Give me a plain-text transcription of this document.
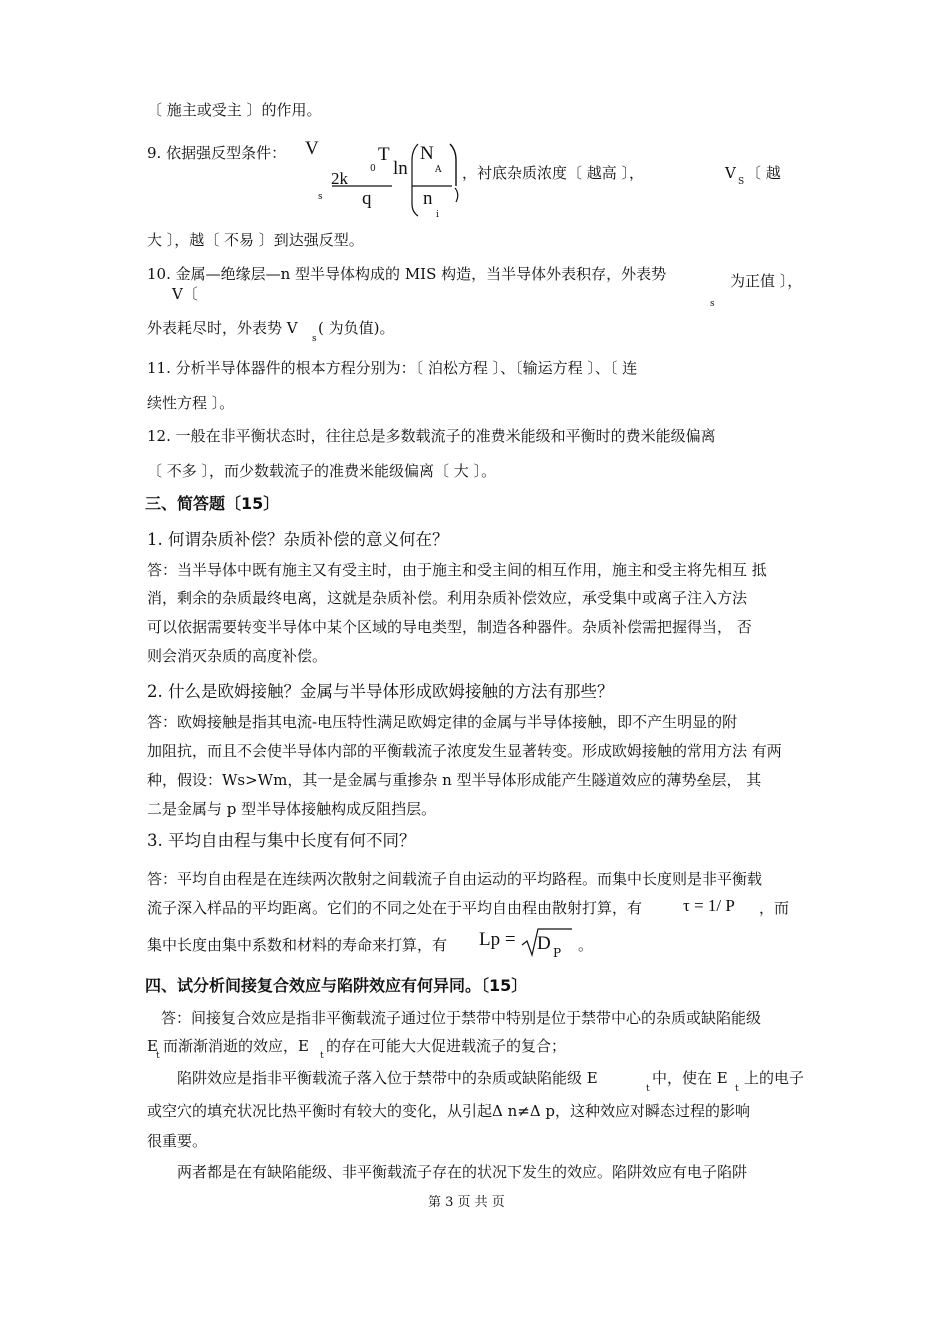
〔 施主或受主 〕的作用。
9. 依据强反型条件： V
s
2k
T
0
q
ln
N
A
n
i
，衬底杂质浓度〔 越高 〕，	V S 〔 越
大 〕，越〔 不易 〕到达强反型。
10. 金属—绝缘层—n 型半导体构成的 MIS 构造，当半导体外表积存，外表势
V〔
为正值 〕，
s
外表耗尽时，外表势 V
s
( 为负值)。
11. 分析半导体器件的根本方程分别为：〔 泊松方程 〕、〔输运方程 〕、〔 连
续性方程 〕。
12. 一般在非平衡状态时，往往总是多数载流子的准费米能级和平衡时的费米能级偏离
〔 不多 〕，而少数载流子的准费米能级偏离〔 大 〕。
三、简答题〔15〕
1. 何谓杂质补偿？杂质补偿的意义何在？
答：当半导体中既有施主又有受主时，由于施主和受主间的相互作用，施主和受主将先相互 抵
消，剩余的杂质最终电离，这就是杂质补偿。利用杂质补偿效应，承受集中或离子注入方法
可以依据需要转变半导体中某个区域的导电类型，制造各种器件。杂质补偿需把握得当， 否
则会消灭杂质的高度补偿。
2. 什么是欧姆接触？金属与半导体形成欧姆接触的方法有那些？
答：欧姆接触是指其电流-电压特性满足欧姆定律的金属与半导体接触，即不产生明显的附
加阻抗，而且不会使半导体内部的平衡载流子浓度发生显著转变。形成欧姆接触的常用方法 有两
种，假设：Ws>Wm，其一是金属与重掺杂 n 型半导体形成能产生隧道效应的薄势垒层， 其
二是金属与 p 型半导体接触构成反阻挡层。
3. 平均自由程与集中长度有何不同？
答：平均自由程是在连续两次散射之间载流子自由运动的平均路程。而集中长度则是非平衡载
流子深入样品的平均距离。它们的不同之处在于平均自由程由散射打算，有 τ = 1/ P ，而
集中长度由集中系数和材料的寿命来打算，有 Lp = D P 。
四、试分析间接复合效应与陷阱效应有何异同。〔15〕
答：间接复合效应是指非平衡载流子通过位于禁带中特别是位于禁带中心的杂质或缺陷能级
E
t
而渐渐消逝的效应，E
t
的存在可能大大促进载流子的复合；
陷阱效应是指非平衡载流子落入位于禁带中的杂质或缺陷能级 E
t
中，使在 E
t
上的电子
或空穴的填充状况比热平衡时有较大的变化，从引起Δ n≠Δ p，这种效应对瞬态过程的影响
很重要。
两者都是在有缺陷能级、非平衡载流子存在的状况下发生的效应。陷阱效应有电子陷阱
第 3 页 共 页
